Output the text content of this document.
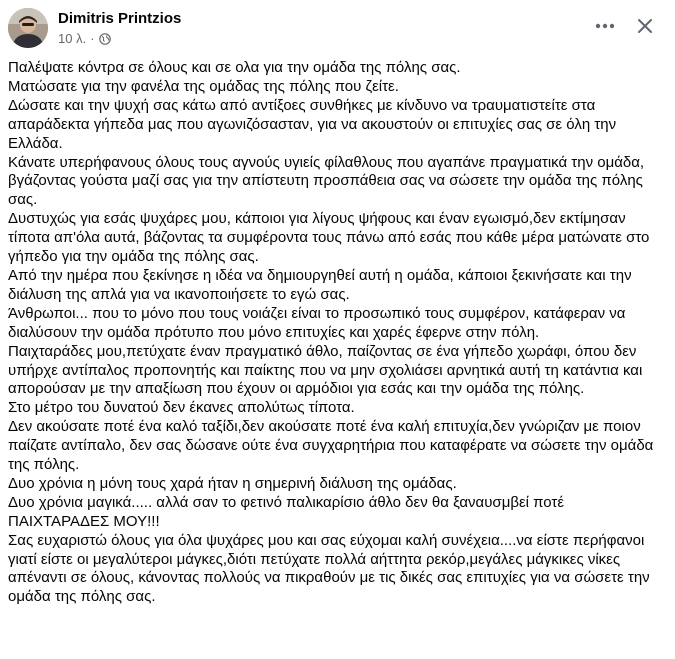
Dimitris Printzios
10 λ. ·

Παλέψατε κόντρα σε όλους και σε ολα για την ομάδα της πόλης σας.

Ματώσατε για την φανέλα της ομάδας της πόλης που ζείτε.

Δώσατε και την ψυχή σας κάτω από αντίξοες συνθήκες με κίνδυνο να τραυματιστείτε στα απαράδεκτα γήπεδα μας που αγωνιζόσασταν, για να ακουστούν οι επιτυχίες σας σε όλη την Ελλάδα.

Κάνατε υπερήφανους όλους τους αγνούς υγιείς φίλαθλους που αγαπάνε πραγματικά την ομάδα, βγάζοντας γούστα μαζί σας για την απίστευτη προσπάθεια σας να σώσετε την ομάδα της πόλης σας.

Δυστυχώς για εσάς ψυχάρες μου, κάποιοι για λίγους ψήφους και έναν εγωισμό,δεν εκτίμησαν τίποτα απ'όλα αυτά, βάζοντας τα συμφέροντα τους πάνω από εσάς που κάθε μέρα ματώνατε στο γήπεδο για την ομάδα της πόλης σας.

Από την ημέρα που ξεκίνησε η ιδέα να δημιουργηθεί αυτή η ομάδα, κάποιοι ξεκινήσατε και την διάλυση της απλά για να ικανοποιήσετε το εγώ σας.

Άνθρωποι... που το μόνο που τους νοιάζει είναι το προσωπικό τους συμφέρον, κατάφεραν να διαλύσουν την ομάδα πρότυπο που μόνο επιτυχίες και χαρές έφερνε στην πόλη.

Παιχταράδες μου,πετύχατε έναν πραγματικό άθλο, παίζοντας σε ένα γήπεδο χωράφι, όπου δεν υπήρχε αντίπαλος προπονητής και παίκτης που να μην σχολιάσει αρνητικά αυτή τη κατάντια και απορούσαν με την απαξίωση που έχουν οι αρμόδιοι για εσάς και την ομάδα της πόλης.

Στο μέτρο του δυνατού δεν έκανες απολύτως τίποτα.

Δεν ακούσατε ποτέ ένα καλό ταξίδι,δεν ακούσατε ποτέ ένα καλή επιτυχία,δεν γνώριζαν με ποιον παίζατε αντίπαλο, δεν σας δώσανε ούτε ένα συγχαρητήρια που καταφέρατε να σώσετε την ομάδα της πόλης.

Δυο χρόνια η μόνη τους χαρά ήταν η σημερινή διάλυση της ομάδας.

Δυο χρόνια μαγικά..... αλλά σαν το φετινό παλικαρίσιο άθλο δεν θα ξαναυσμβεί ποτέ ΠΑΙΧΤΑΡΑΔΕΣ ΜΟΥ!!!

Σας ευχαριστώ όλους για όλα ψυχάρες μου και σας εύχομαι καλή συνέχεια....να είστε περήφανοι γιατί είστε οι μεγαλύτεροι μάγκες,διότι πετύχατε πολλά αήττητα ρεκόρ,μεγάλες μάγκικες νίκες απέναντι σε όλους, κάνοντας πολλούς να πικραθούν με τις δικές σας επιτυχίες για να σώσετε την ομάδα της πόλης σας.
